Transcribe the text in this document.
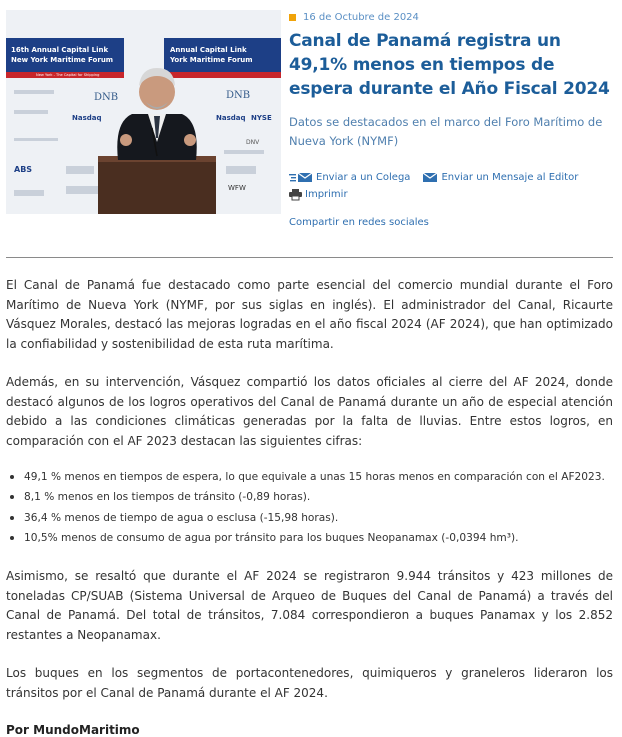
16th Annual Capital Link
New York Maritime Forum
Annual Capital Link
York Maritime Forum
New York - The Capital for Shipping
DNB	DNB
Nasdaq	Nasdaq NYSE
ABS
DNV
WFW
16 de Octubre de 2024
Canal de Panamá registra un 49,1% menos en tiempos de espera durante el Año Fiscal 2024

Datos se destacados en el marco del Foro Marítimo de Nueva York (NYMF)

Enviar a un Colega	Enviar un Mensaje al Editor
Imprimir
Compartir en redes sociales

El Canal de Panamá fue destacado como parte esencial del comercio mundial durante el Foro Marítimo de Nueva York (NYMF, por sus siglas en inglés). El administrador del Canal, Ricaurte Vásquez Morales, destacó las mejoras logradas en el año fiscal 2024 (AF 2024), que han optimizado la confiabilidad y sostenibilidad de esta ruta marítima.

Además, en su intervención, Vásquez compartió los datos oficiales al cierre del AF 2024, donde destacó algunos de los logros operativos del Canal de Panamá durante un año de especial atención debido a las condiciones climáticas generadas por la falta de lluvias. Entre estos logros, en comparación con el AF 2023 destacan las siguientes cifras:

49,1 % menos en tiempos de espera, lo que equivale a unas 15 horas menos en comparación con el AF2023.
8,1 % menos en los tiempos de tránsito (-0,89 horas).
36,4 % menos de tiempo de agua o esclusa (-15,98 horas).
10,5% menos de consumo de agua por tránsito para los buques Neopanamax (-0,0394 hm³).

Asimismo, se resaltó que durante el AF 2024 se registraron 9.944 tránsitos y 423 millones de toneladas CP/SUAB (Sistema Universal de Arqueo de Buques del Canal de Panamá) a través del Canal de Panamá. Del total de tránsitos, 7.084 correspondieron a buques Panamax y los 2.852 restantes a Neopanamax.

Los buques en los segmentos de portacontenedores, quimiqueros y graneleros lideraron los tránsitos por el Canal de Panamá durante el AF 2024.

Por MundoMaritimo
